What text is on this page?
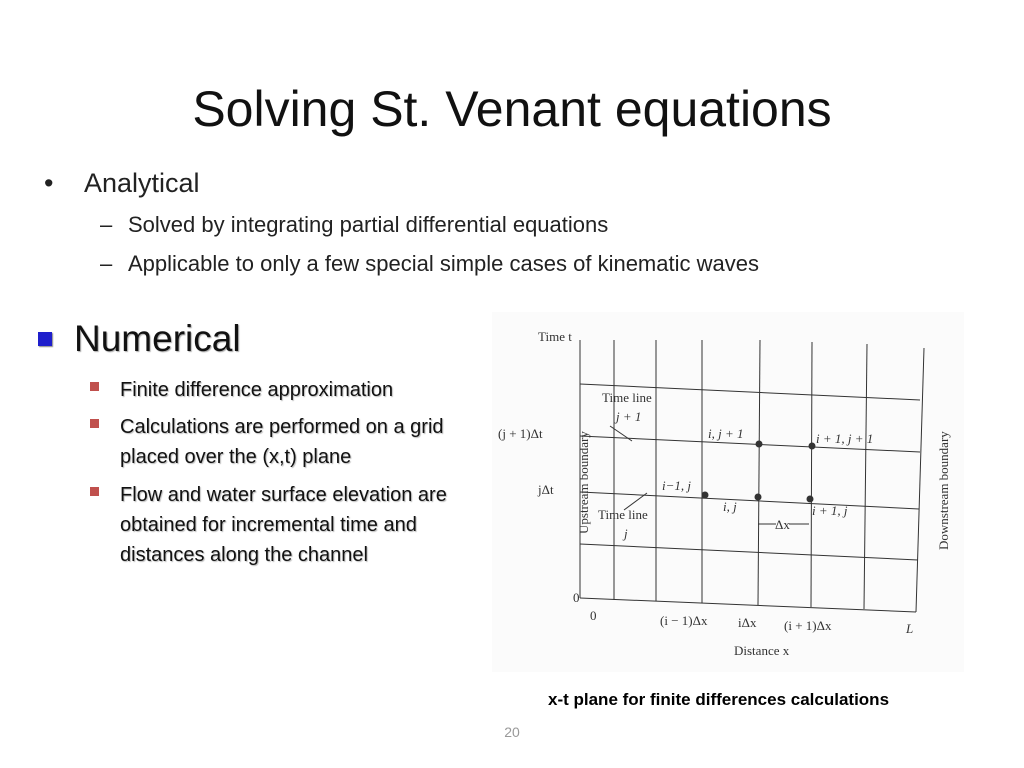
Solving St. Venant equations
•	Analytical
– Solved by integrating partial differential equations
– Applicable to only a few special simple cases of kinematic waves
Numerical
Finite difference approximation
Calculations are performed on a grid placed over the (x,t) plane
Flow and water surface elevation are obtained for incremental time and distances along the channel
Time t
Distance x
0
0	(i − 1)Δx iΔx (i + 1)Δx	L
(j + 1)Δt
jΔt Upstream boundary	Downstream boundary
Time line
j + 1
Time line
j
i, j + 1	i + 1, j + 1
i−1, j
i, j	i + 1, j
Δx
x-t plane for finite differences calculations
20
